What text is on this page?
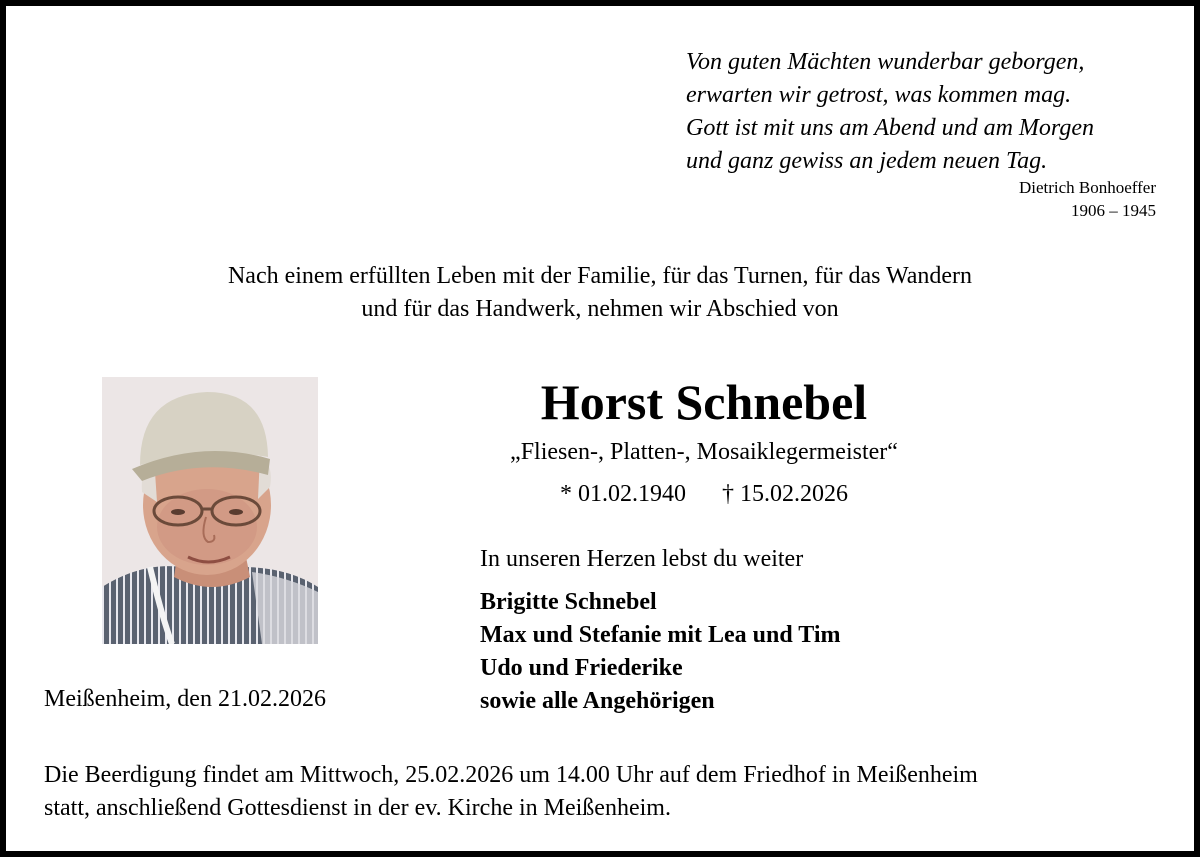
Von guten Mächten wunderbar geborgen,
erwarten wir getrost, was kommen mag.
Gott ist mit uns am Abend und am Morgen
und ganz gewiss an jedem neuen Tag.
Dietrich Bonhoeffer
1906 – 1945
Nach einem erfüllten Leben mit der Familie, für das Turnen, für das Wandern
und für das Handwerk, nehmen wir Abschied von
Horst Schnebel
„Fliesen-, Platten-, Mosaiklegermeister“
* 01.02.1940 † 15.02.2026
In unseren Herzen lebst du weiter
Brigitte Schnebel
Max und Stefanie mit Lea und Tim
Udo und Friederike
sowie alle Angehörigen
Meißenheim, den 21.02.2026
Die Beerdigung findet am Mittwoch, 25.02.2026 um 14.00 Uhr auf dem Friedhof in Meißenheim
statt, anschließend Gottesdienst in der ev. Kirche in Meißenheim.
